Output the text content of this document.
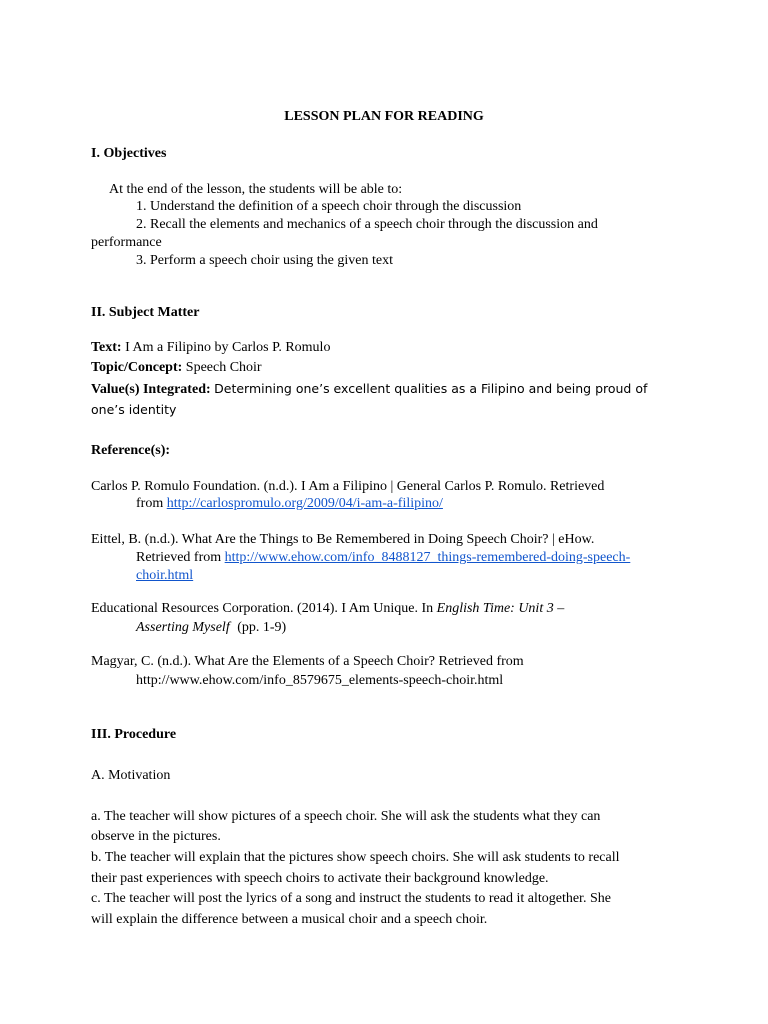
LESSON PLAN FOR READING
I. Objectives
At the end of the lesson, the students will be able to:
1. Understand the definition of a speech choir through the discussion
2. Recall the elements and mechanics of a speech choir through the discussion and
performance
3. Perform a speech choir using the given text
II. Subject Matter
Text: I Am a Filipino by Carlos P. Romulo
Topic/Concept: Speech Choir
Value(s) Integrated: Determining one’s excellent qualities as a Filipino and being proud of
one’s identity
Reference(s):
Carlos P. Romulo Foundation. (n.d.). I Am a Filipino | General Carlos P. Romulo. Retrieved
from http://carlospromulo.org/2009/04/i-am-a-filipino/
Eittel, B. (n.d.). What Are the Things to Be Remembered in Doing Speech Choir? | eHow.
Retrieved from http://www.ehow.com/info_8488127_things-remembered-doing-speech-
choir.html
Educational Resources Corporation. (2014). I Am Unique. In English Time: Unit 3 –
Asserting Myself (pp. 1-9)
Magyar, C. (n.d.). What Are the Elements of a Speech Choir? Retrieved from
http://www.ehow.com/info_8579675_elements-speech-choir.html
III. Procedure
A. Motivation
a. The teacher will show pictures of a speech choir. She will ask the students what they can
observe in the pictures.
b. The teacher will explain that the pictures show speech choirs. She will ask students to recall
their past experiences with speech choirs to activate their background knowledge.
c. The teacher will post the lyrics of a song and instruct the students to read it altogether. She
will explain the difference between a musical choir and a speech choir.
